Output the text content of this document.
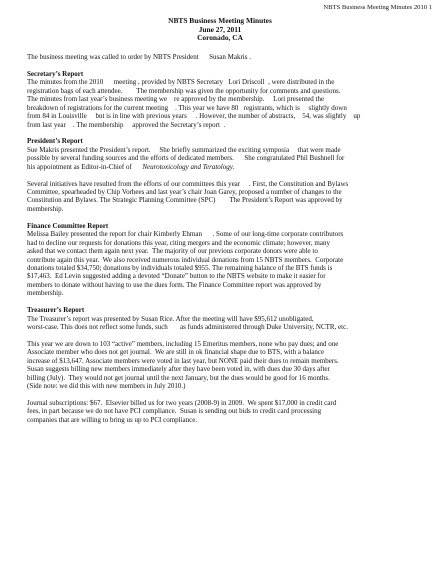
NBTS Business Meeting Minutes 2010 1
NBTS Business Meeting Minutes
June 27, 2011
Coronado, CA
The business meeting was called to order by NBTS President      Susan Makris .
Secretary’s Report
The minutes from the 2010      meeting , provided by NBTS Secretary   Lori Driscoll  , were distributed in the
registration bags of each attendee.        The membership was given the opportunity for comments and questions.
The minutes from last year’s business meeting we    re approved by the membership.     Lori presented the
breakdown of registrations for the current meeting    . This year we have 80   registrants, which is     slightly down
from 84 in Louisville     but is in line with previous years     . However, the number of abstracts,    54, was slightly    up
from last year    . The membership     approved the Secretary’s report  .
President’s Report
Sue Makris presented the President’s report.     She briefly summarized the exciting symposia     that were made
possible by several funding sources and the efforts of dedicated members.      She congratulated Phil Bushnell for
his appointment as Editor-in-Chief of      Neurotoxicology and Teratology.
Several initiatives have resulted from the efforts of our committees this year     . First, the Constitution and Bylaws
Committee, spearheaded by Chip Vorhees and last year’s chair Joan Garey, proposed a number of changes to the
Constitution and Bylaws. The Strategic Planning Committee (SPC)        The President’s Report was approved by
membership.
Finance Committee Report
Melissa Bailey presented the report for chair Kimberly Ehman      . Some of our long-time corporate contributors
had to decline our requests for donations this year, citing mergers and the economic climate; however, many
asked that we contact them again next year.  The majority of our previous corporate donors were able to
contribute again this year.  We also received numerous individual donations from 15 NBTS members.  Corporate
donations totaled $34,750; donations by individuals totaled $955. The remaining balance of the BTS funds is
$17,463.  Ed Levin suggested adding a devoted “Donate” button to the NBTS website to make it easier for
members to donate without having to use the dues form. The Finance Committee report was approved by
membership.
Treasurer’s Report
The Treasurer’s report was presented by Susan Rice. After the meeting will have $95,612 unobligated,
worst-case. This does not reflect some funds, such       as funds administered through Duke University, NCTR, etc.
This year we are down to 103 “active” members, including 15 Emeritus members, none who pay dues; and one
Associate member who does not get journal.  We are still in ok financial shape due to BTS, with a balance
increase of $13,647. Associate members were voted in last year, but NONE paid their dues to remain members.
Susan suggests billing new members immediately after they have been voted in, with dues due 30 days after
billing (July).  They would not get journal until the next January, but the dues would be good for 16 months.
(Side note: we did this with new members in July 2010.)
Journal subscriptions: $67.  Elsevier billed us for two years (2008-9) in 2009.  We spent $17,000 in credit card
fees, in part because we do not have PCI compliance.  Susan is sending out bids to credit card processing
companies that are willing to bring us up to PCI compliance.
